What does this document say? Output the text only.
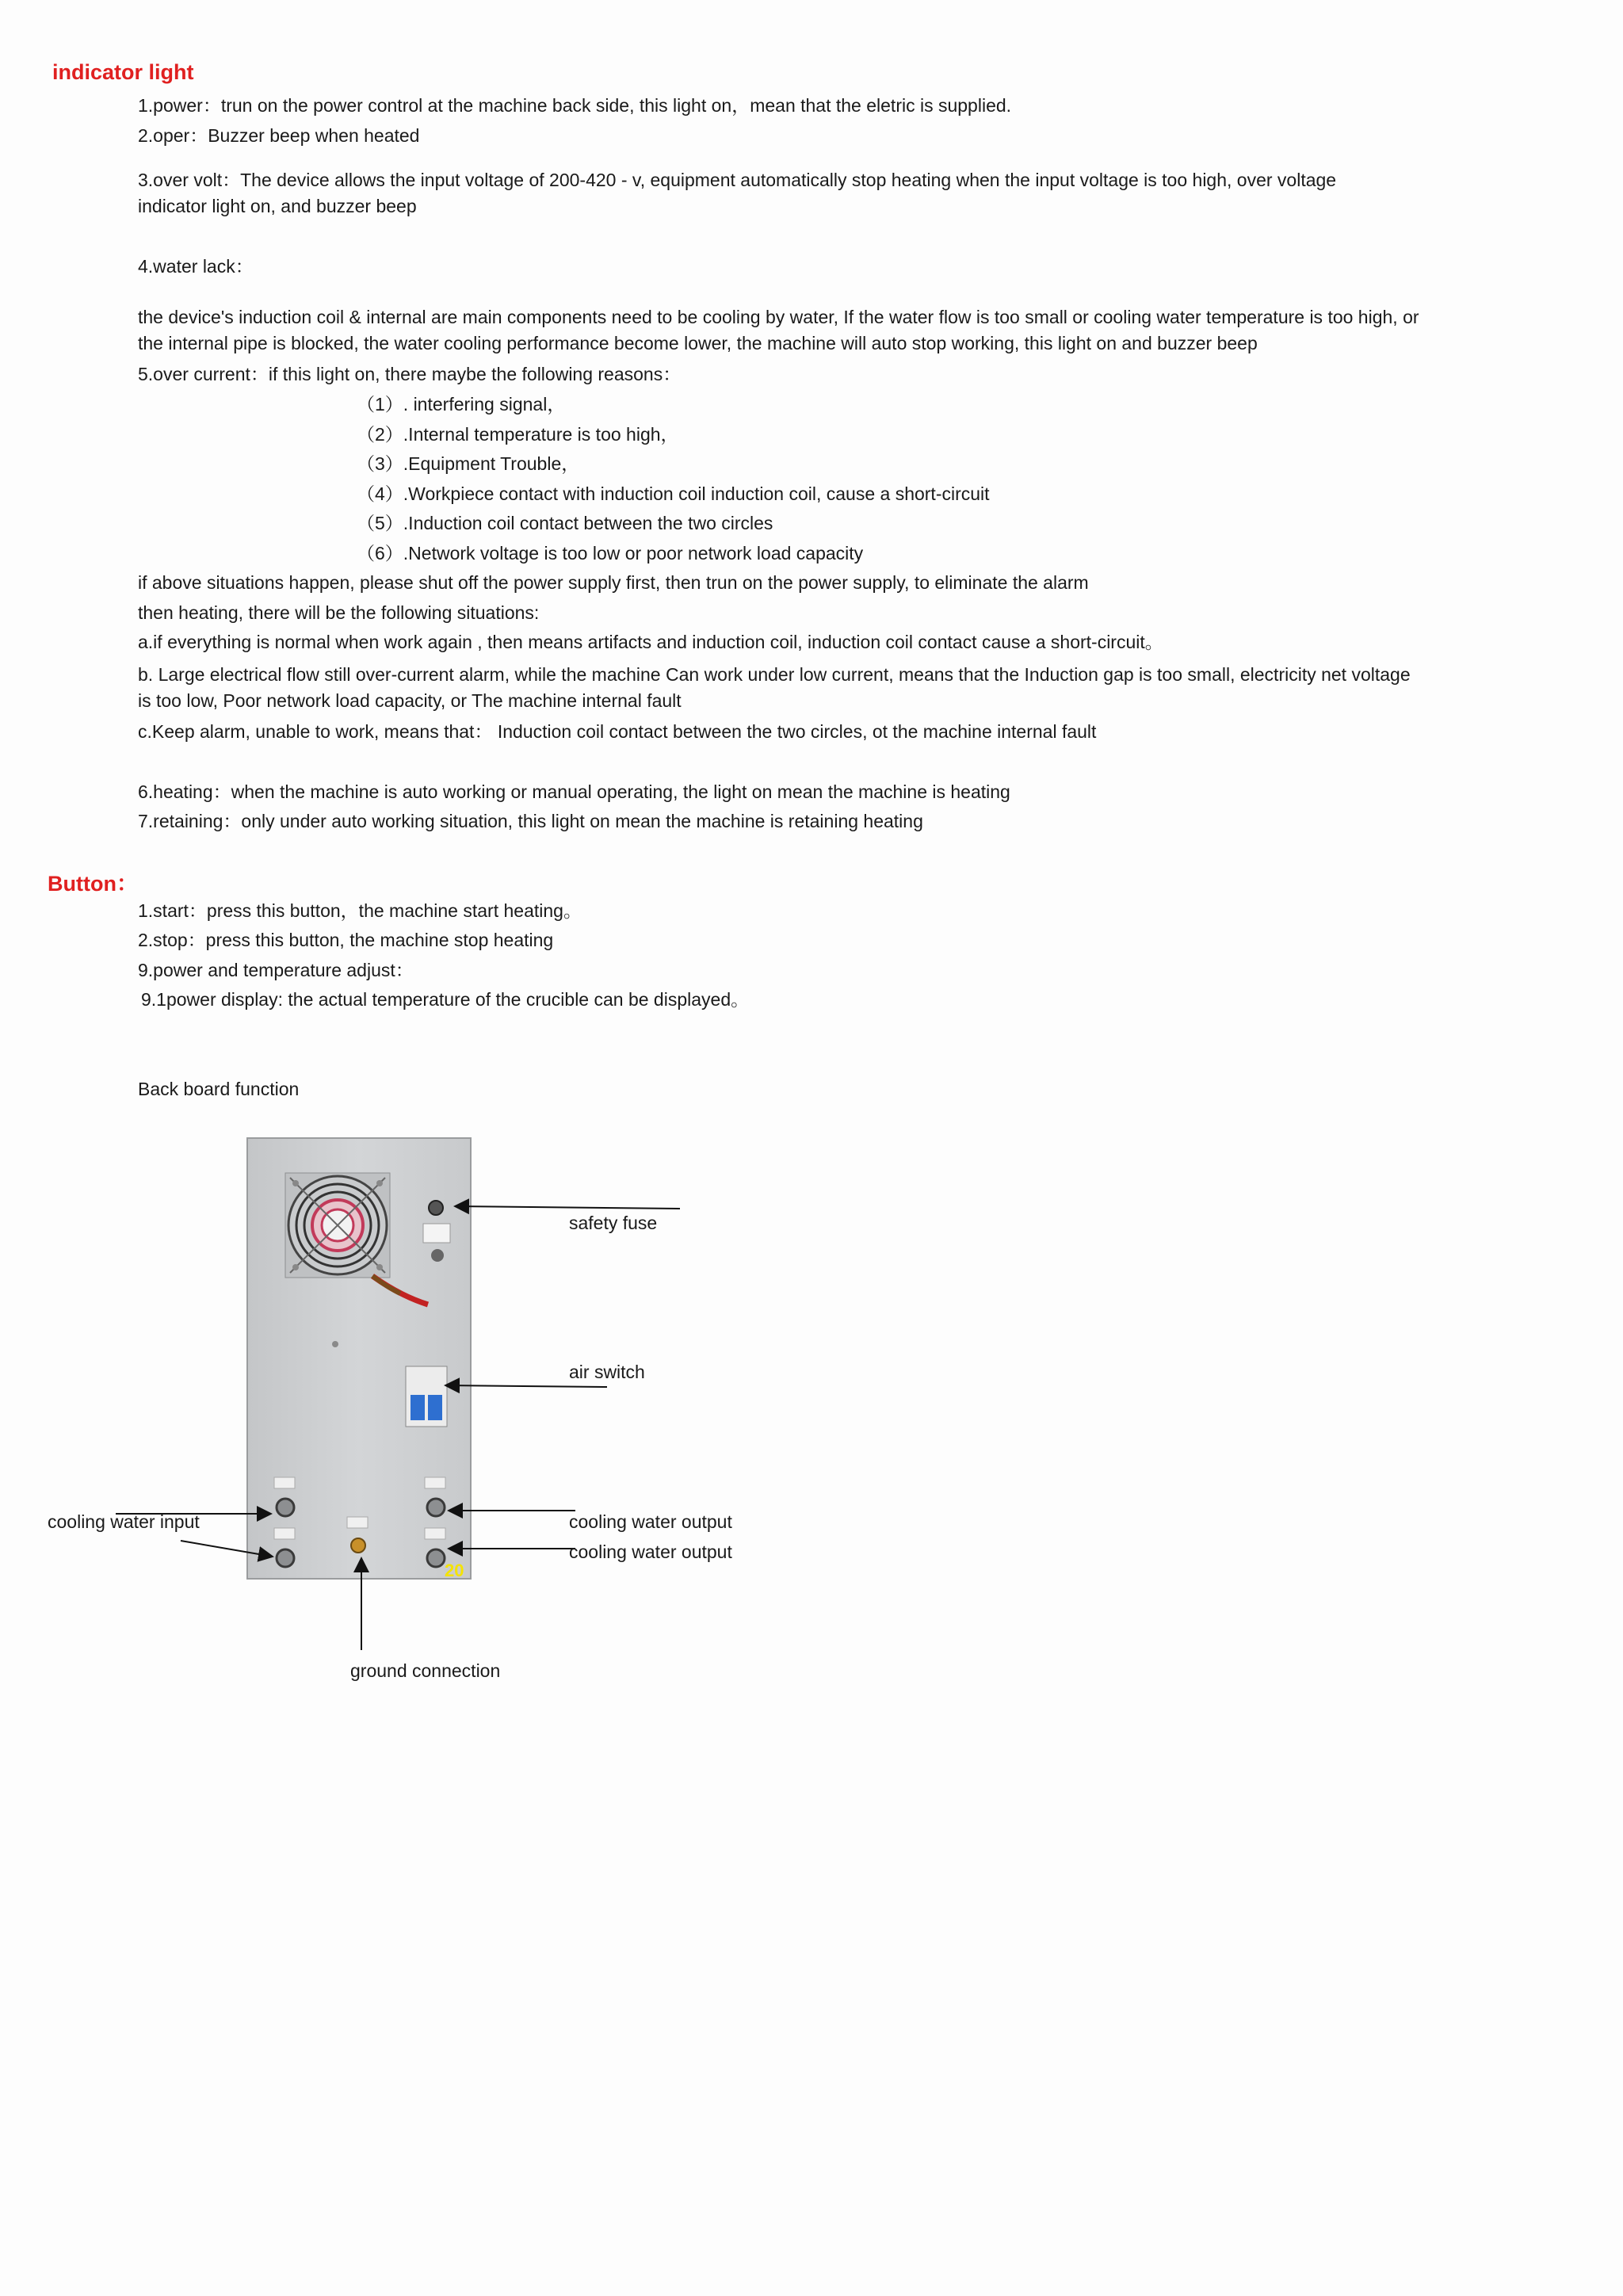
indicator light
1.power：trun on the power control at the machine back side, this light on，mean that the eletric is supplied.
2.oper：Buzzer beep when heated
3.over volt：The device allows the input voltage of 200-420 - v, equipment automatically stop heating when the input voltage is too high, over voltage indicator light on, and buzzer beep
4.water lack：
the device's induction coil & internal are main components need to be cooling by water, If the water flow is too small or cooling water temperature is too high, or the internal pipe is blocked, the water cooling performance become lower, the machine will auto stop working, this light on and buzzer beep
5.over current：if this light on, there maybe the following reasons：
（1）. interfering signal，
（2）.Internal temperature is too high，
（3）.Equipment Trouble，
（4）.Workpiece contact with induction coil induction coil, cause a short-circuit
（5）.Induction coil contact between the two circles
（6）.Network voltage is too low or poor network load capacity
if above situations happen, please shut off the power supply first, then trun on the power supply, to eliminate the alarm
then heating, there will be the following situations:
a.if everything is normal when work again , then means artifacts and induction coil, induction coil contact cause a short-circuit。
b. Large electrical flow still over-current alarm, while the machine Can work under low current, means that the Induction gap is too small, electricity net voltage is too low, Poor network load capacity, or The machine internal fault
c.Keep alarm, unable to work, means that： Induction coil contact between the two circles, ot the machine internal fault
6.heating：when the machine is auto working or manual operating, the light on mean the machine is heating
7.retaining：only under auto working situation, this light on mean the machine is retaining heating
Button：
1.start：press this button，the machine start heating。
2.stop：press this button, the machine stop heating
9.power and temperature adjust：
9.1power display: the actual temperature of the crucible can be displayed。
Back board function
20
safety fuse
air switch
cooling water input	cooling water output
cooling water output
ground connection
